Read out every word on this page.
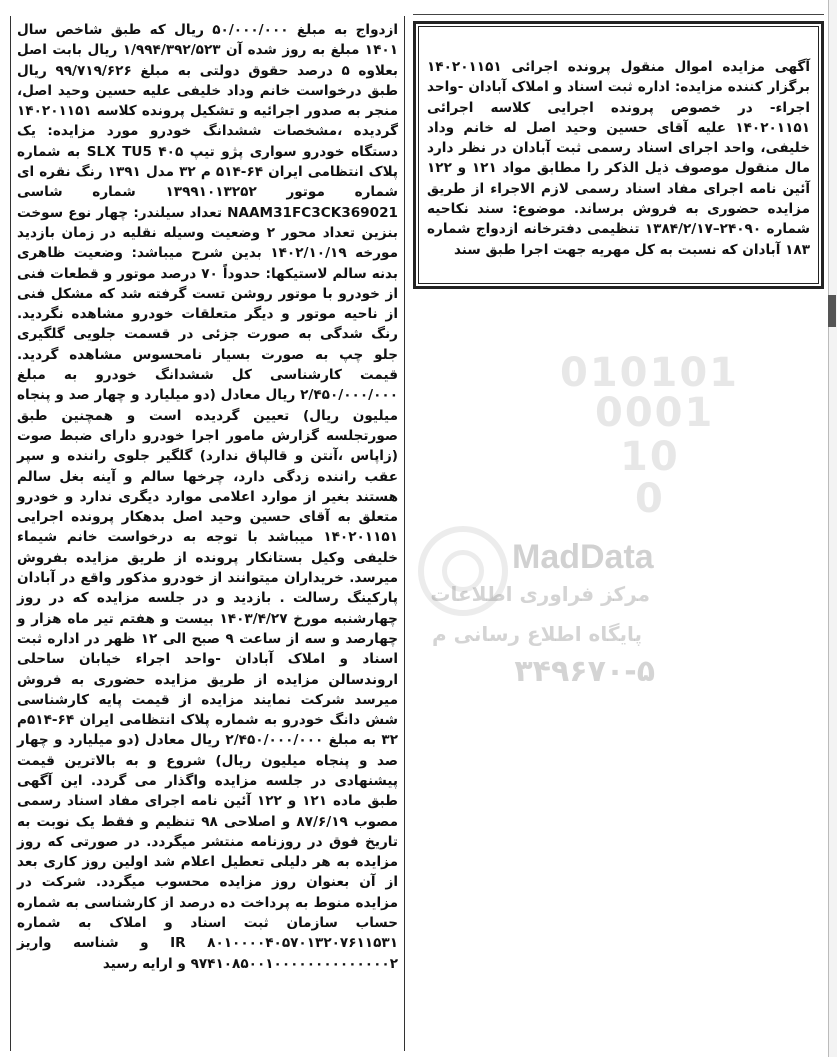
آگهی مزایده اموال منقول پرونده اجرائی ۱۴۰۲۰۱۱۵۱ برگزار کننده مزایده: اداره ثبت اسناد و املاک آبادان -واحد اجراء- در خصوص پرونده اجرایی کلاسه اجرائی ۱۴۰۲۰۱۱۵۱ علیه آقای حسین وحید اصل له خانم وداد خلیفی، واحد اجرای اسناد رسمی ثبت آبادان در نظر دارد مال منقول موصوف ذیل الذکر را مطابق مواد ۱۲۱ و ۱۲۲ آئین نامه اجرای مفاد اسناد رسمی لازم الاجراء از طریق مزایده حضوری به فروش برساند. موضوع: سند نکاحیه شماره ۲۴۰۹۰–۱۳۸۴/۲/۱۷ تنظیمی دفترخانه ازدواج شماره ۱۸۳ آبادان که نسبت به کل مهریه جهت اجرا طبق سند

ازدواج به مبلغ ۵۰/۰۰۰/۰۰۰ ریال که طبق شاخص سال ۱۴۰۱ مبلغ به روز شده آن ۱/۹۹۴/۳۹۲/۵۲۳ ریال بابت اصل بعلاوه ۵ درصد حقوق دولتی به مبلغ ۹۹/۷۱۹/۶۲۶ ریال طبق درخواست خانم وداد خلیفی علیه حسین وحید اصل، منجر به صدور اجرائیه و تشکیل پرونده کلاسه ۱۴۰۲۰۱۱۵۱ گردیده ،مشخصات ششدانگ خودرو مورد مزایده: یک دستگاه خودرو سواری پژو تیپ SLX TU5 ۴۰۵ به شماره پلاک انتظامی ایران ۶۴-۵۱۴ م ۳۲ مدل ۱۳۹۱ رنگ نقره ای شماره موتور ۱۳۹۹۱۰۱۳۲۵۲ شماره شاسی NAAM31FC3CK369021 تعداد سیلندر: چهار نوع سوخت بنزین تعداد محور ۲ وضعیت وسیله نقلیه در زمان بازدید مورخه ۱۴۰۲/۱۰/۱۹ بدین شرح میباشد: وضعیت ظاهری بدنه سالم لاستیکها: حدوداً ۷۰ درصد موتور و قطعات فنی از خودرو با موتور روشن تست گرفته شد که مشکل فنی از ناحیه موتور و دیگر متعلقات خودرو مشاهده نگردید. رنگ شدگی به صورت جزئی در قسمت جلویی گلگیری جلو چپ به صورت بسیار نامحسوس مشاهده گردید. قیمت کارشناسی کل ششدانگ خودرو به مبلغ ۲/۴۵۰/۰۰۰/۰۰۰ ریال معادل (دو میلیارد و چهار صد و پنجاه میلیون ریال) تعیین گردیده است و همچنین طبق صورتجلسه گزارش مامور اجرا خودرو دارای ضبط صوت (زاپاس ،آنتن و قالپاق ندارد) گلگیر جلوی راننده و سپر عقب راننده زدگی دارد، چرخها سالم و آینه بغل سالم هستند بغیر از موارد اعلامی موارد دیگری ندارد و خودرو متعلق به آقای حسین وحید اصل بدهکار پرونده اجرایی ۱۴۰۲۰۱۱۵۱ میباشد با توجه به درخواست خانم شیماء خلیفی وکیل بستانکار پرونده از طریق مزایده بفروش میرسد. خریداران میتوانند از خودرو مذکور واقع در آبادان پارکینگ رسالت . بازدید و در جلسه مزایده که در روز چهارشنبه مورخ ۱۴۰۳/۴/۲۷ بیست و هفتم تیر ماه هزار و چهارصد و سه از ساعت ۹ صبح الی ۱۲ ظهر در اداره ثبت اسناد و املاک آبادان -واحد اجراء خیابان ساحلی اروندسالن مزایده از طریق مزایده حضوری به فروش میرسد شرکت نمایند مزایده از قیمت پایه کارشناسی شش دانگ خودرو به شماره پلاک انتظامی ایران ۶۴-۵۱۴م ۳۲ به مبلغ ۲/۴۵۰/۰۰۰/۰۰۰ ریال معادل (دو میلیارد و چهار صد و پنجاه میلیون ریال) شروع و به بالاترین قیمت پیشنهادی در جلسه مزایده واگذار می گردد. این آگهی طبق ماده ۱۲۱ و ۱۲۲ آئین نامه اجرای مفاد اسناد رسمی مصوب ۸۷/۶/۱۹ و اصلاحی ۹۸ تنظیم و فقط یک نوبت به تاریخ فوق در روزنامه منتشر میگردد. در صورتی که روز مزایده به هر دلیلی تعطیل اعلام شد اولین روز کاری بعد از آن بعنوان روز مزایده محسوب میگردد. شرکت در مزایده منوط به پرداخت ده درصد از کارشناسی به شماره حساب سازمان ثبت اسناد و املاک به شماره ۸۰۱۰۰۰۰۴۰۵۷۰۱۳۲۰۷۶۱۱۵۳۱ IR و شناسه واریز ۹۷۴۱۰۸۵۰۰۱۰۰۰۰۰۰۰۰۰۰۰۰۰۰۲ و ارایه رسید

010101
0001
10
0
MadData
مرکز فراوری اطلاعات
پایگاه اطلاع رسانی م
۳۴۹۶۷۰-۵
